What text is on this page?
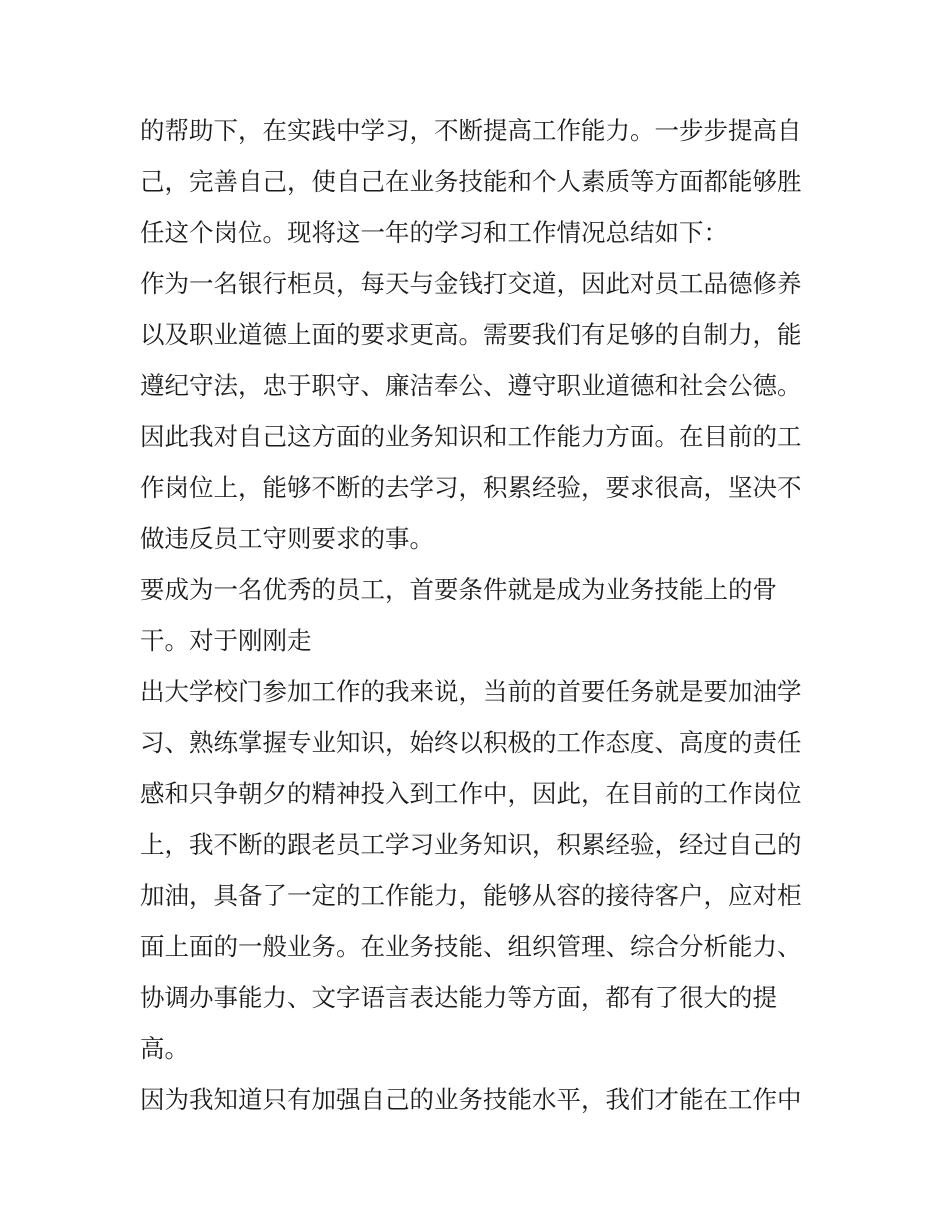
的帮助下，在实践中学习，不断提高工作能力。一步步提高自
己，完善自己，使自己在业务技能和个人素质等方面都能够胜
任这个岗位。现将这一年的学习和工作情况总结如下：
作为一名银行柜员，每天与金钱打交道，因此对员工品德修养
以及职业道德上面的要求更高。需要我们有足够的自制力，能
遵纪守法，忠于职守、廉洁奉公、遵守职业道德和社会公德。
因此我对自己这方面的业务知识和工作能力方面。在目前的工
作岗位上，能够不断的去学习，积累经验，要求很高，坚决不
做违反员工守则要求的事。
要成为一名优秀的员工，首要条件就是成为业务技能上的骨
干。对于刚刚走
出大学校门参加工作的我来说，当前的首要任务就是要加油学
习、熟练掌握专业知识，始终以积极的工作态度、高度的责任
感和只争朝夕的精神投入到工作中，因此，在目前的工作岗位
上，我不断的跟老员工学习业务知识，积累经验，经过自己的
加油，具备了一定的工作能力，能够从容的接待客户，应对柜
面上面的一般业务。在业务技能、组织管理、综合分析能力、
协调办事能力、文字语言表达能力等方面，都有了很大的提
高。
因为我知道只有加强自己的业务技能水平，我们才能在工作中
